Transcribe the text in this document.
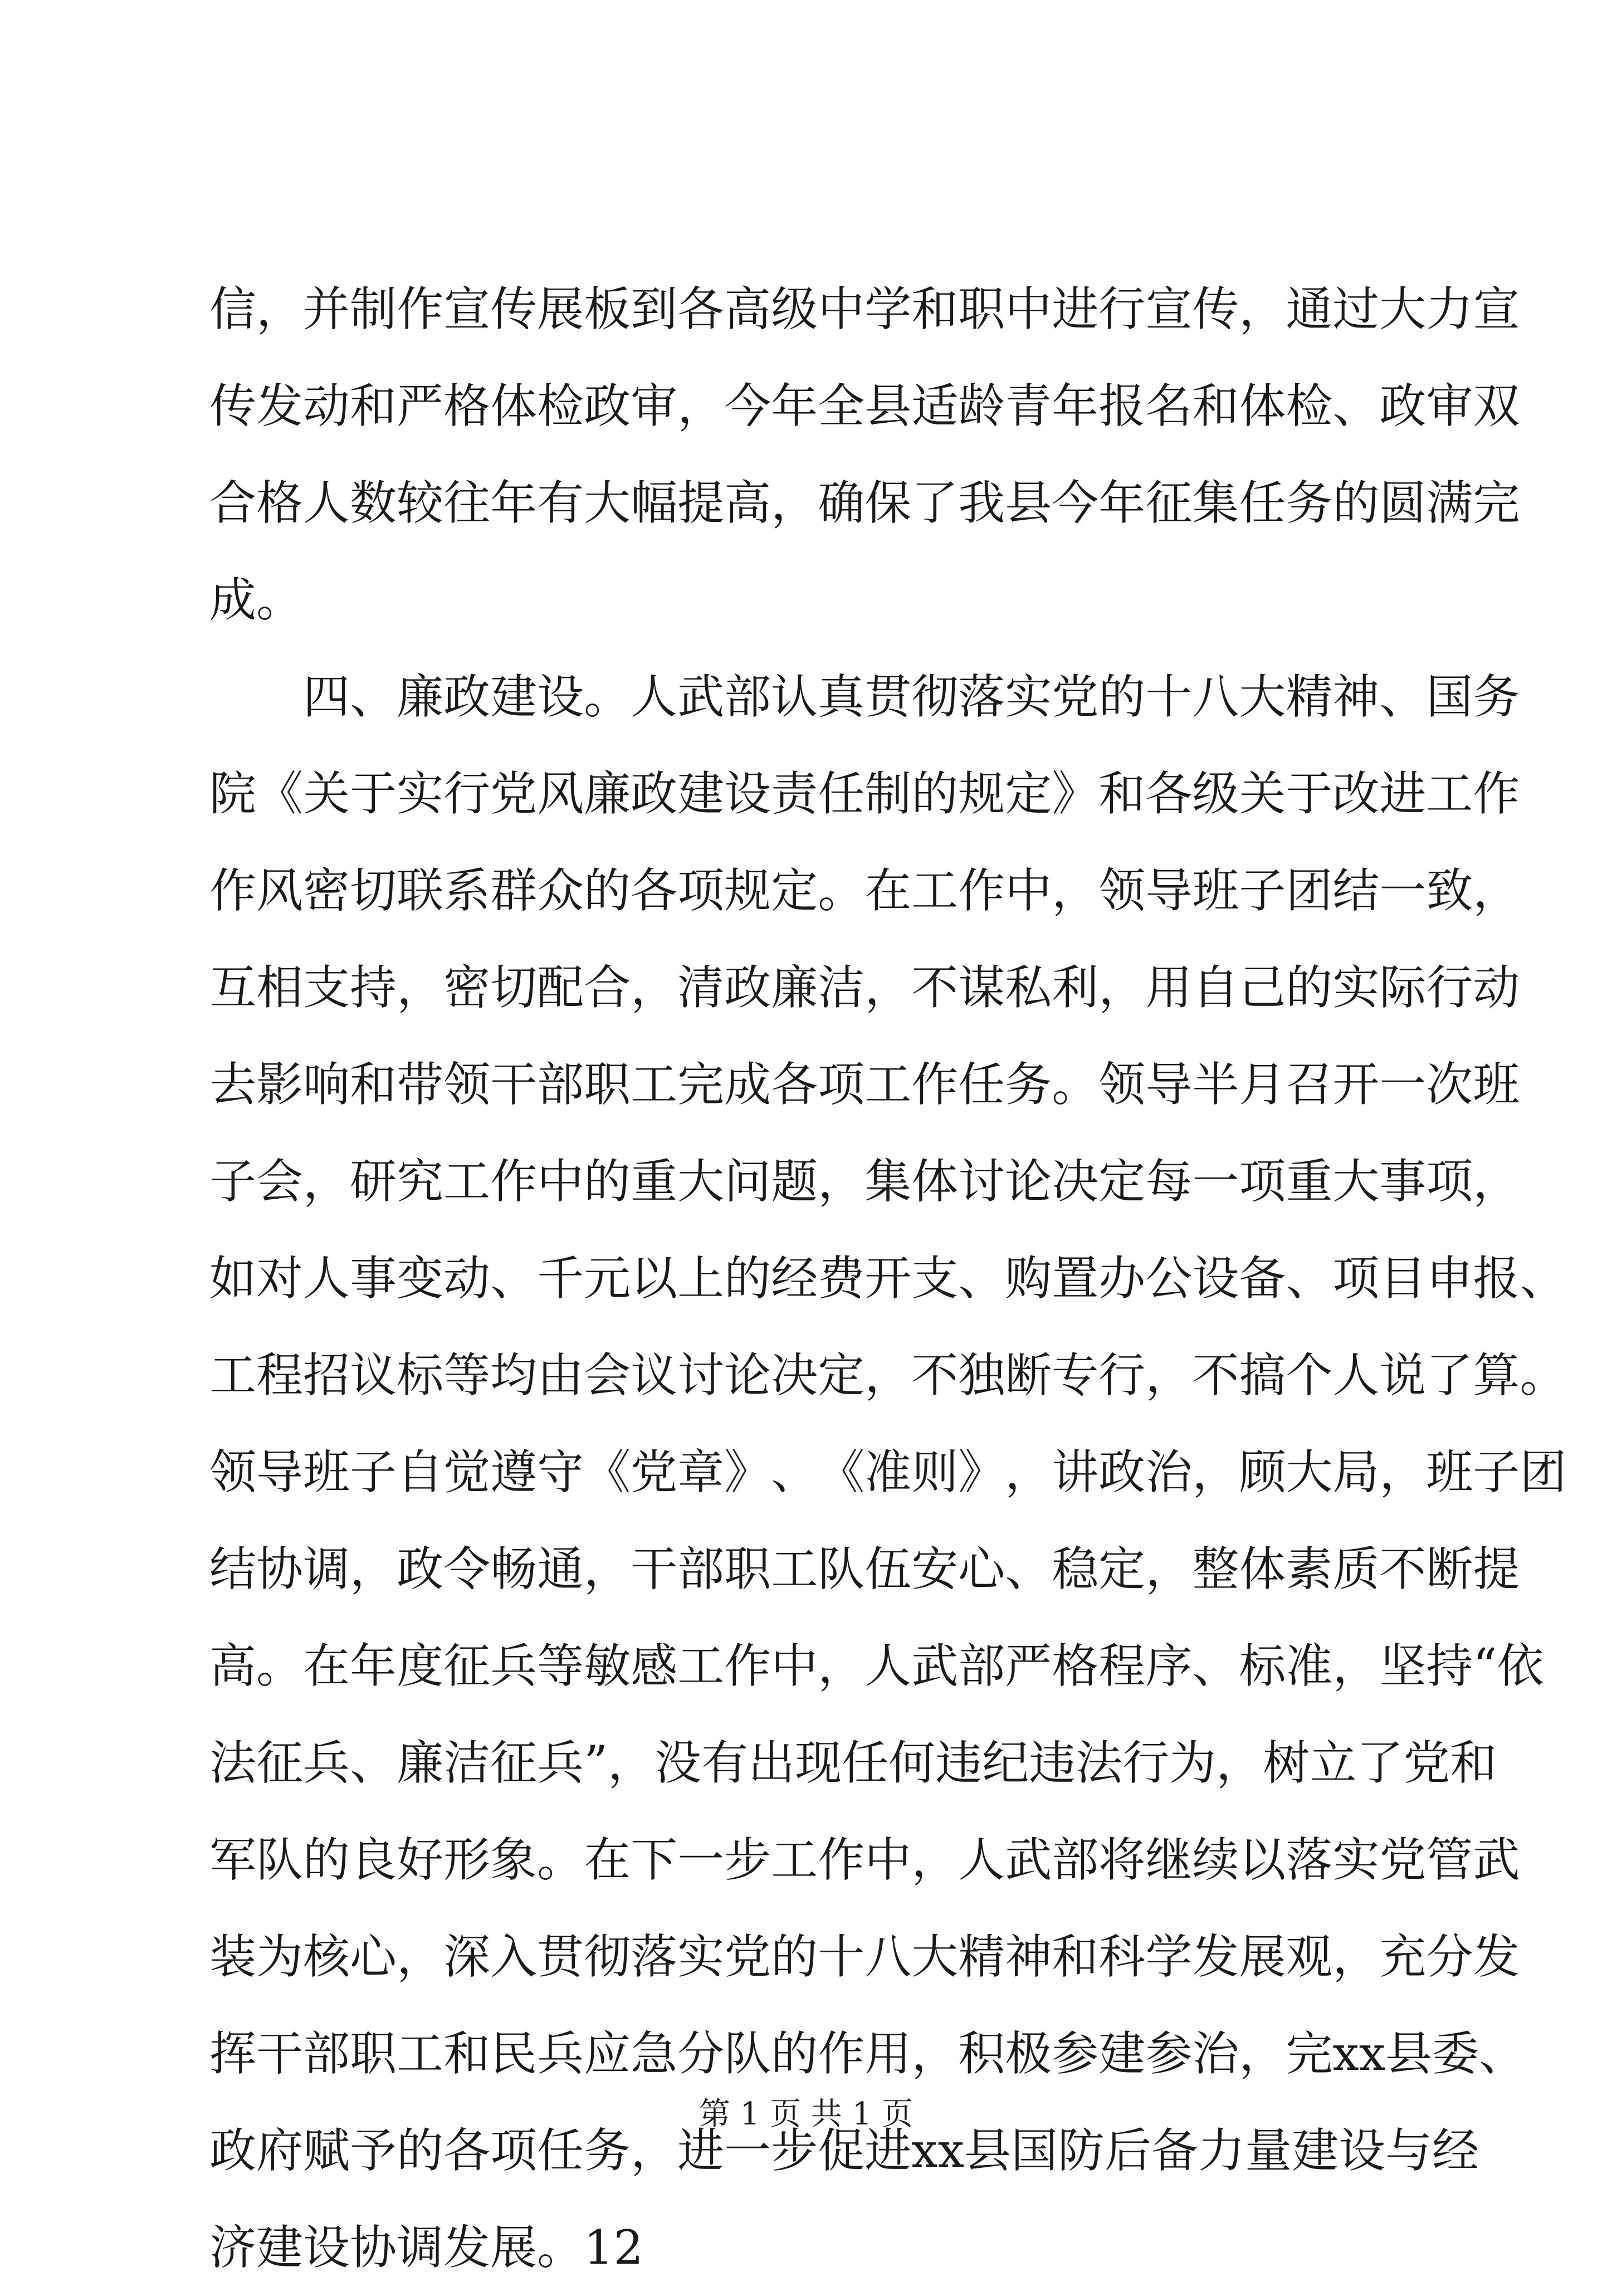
信 ， 并 制 作 宣 传 展 板 到 各 高 级 中 学 和 职 中 进 行 宣 传 ， 通 过 大 力 宣
传 发 动 和 严 格 体 检 政 审 ， 今 年 全 县 适 龄 青 年 报 名 和 体 检 、 政 审 双
合 格 人 数 较 往 年 有 大 幅 提 高 ， 确 保 了 我 县 今 年 征 集 任 务 的 圆 满 完
成。
四 、 廉 政 建 设 。 人 武 部 认 真 贯 彻 落 实 党 的 十 八 大 精 神 、 国 务
院 《 关 于 实 行 党 风 廉 政 建 设 责 任 制 的 规 定 》 和 各 级 关 于 改 进 工 作
作 风 密 切 联 系 群 众 的 各 项 规 定 。 在 工 作 中 ， 领 导 班 子 团 结 一 致 ，
互 相 支 持 ， 密 切 配 合 ， 清 政 廉 洁 ， 不 谋 私 利 ， 用 自 己 的 实 际 行 动
去 影 响 和 带 领 干 部 职 工 完 成 各 项 工 作 任 务 。 领 导 半 月 召 开 一 次 班
子 会 ， 研 究 工 作 中 的 重 大 问 题 ， 集 体 讨 论 决 定 每 一 项 重 大 事 项 ，
如 对 人 事 变 动 、 千 元 以 上 的 经 费 开 支 、 购 置 办 公 设 备 、 项 目 申 报 、
工 程 招 议 标 等 均 由 会 议 讨 论 决 定 ， 不 独 断 专 行 ， 不 搞 个 人 说 了 算 。
领 导 班 子 自 觉 遵 守 《 党 章 》 、 《 准 则 》 ， 讲 政 治 ， 顾 大 局 ， 班 子 团
结 协 调 ， 政 令 畅 通 ， 干 部 职 工 队 伍 安 心 、 稳 定 ， 整 体 素 质 不 断 提
高 。 在 年 度 征 兵 等 敏 感 工 作 中 ， 人 武 部 严 格 程 序 、 标 准 ， 坚 持 “ 依
法 征 兵 、 廉 洁 征 兵 ” ， 没 有 出 现 任 何 违 纪 违 法 行 为 ， 树 立 了 党 和
军 队 的 良 好 形 象 。 在 下 一 步 工 作 中 ， 人 武 部 将 继 续 以 落 实 党 管 武
装 为 核 心 ， 深 入 贯 彻 落 实 党 的 十 八 大 精 神 和 科 学 发 展 观 ， 充 分 发
挥 干 部 职 工 和 民 兵 应 急 分 队 的 作 用 ， 积 极 参 建 参 治 ， 完 xx 县 委 、
政 府 赋 予 的 各 项 任 务 ， 进 一 步 促 进 xx 县 国 防 后 备 力 量 建 设 与 经
济建设协调发展。12
第 1 页 共 1 页
